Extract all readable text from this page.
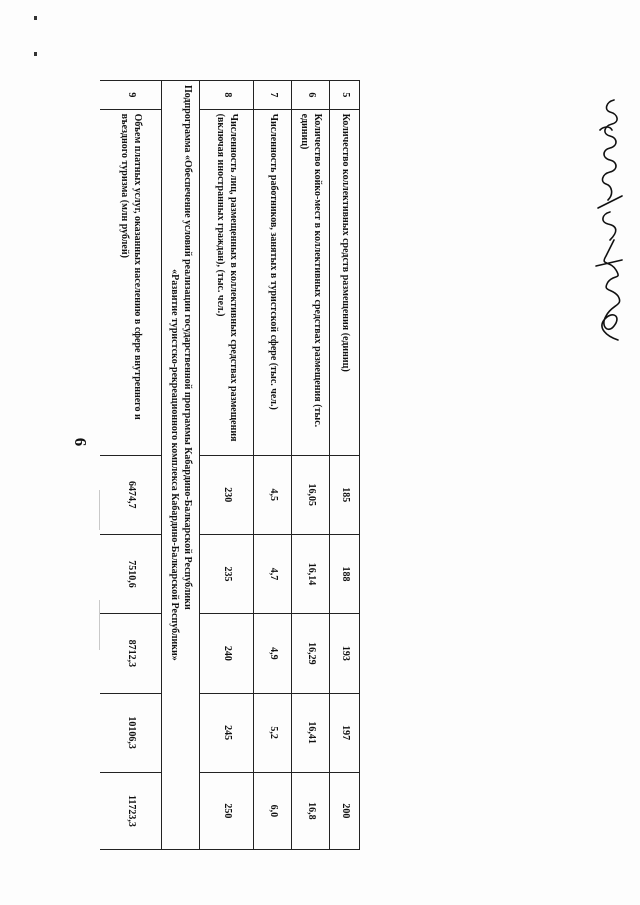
6
5	Количество коллективных средств размещения (единиц)	185	188	193	197	200
6	Количество койко-мест в коллективных средствах размещения (тыс. единиц)	16,05	16,14	16,29	16,41	16,8
7	Численность работников, занятых в туристской сфере (тыс. чел.)	4,5	4,7	4,9	5,2	6,0
8	Численность лиц, размещенных в коллективных средствах размещения (включая иностранных граждан), (тыс. чел.)	230	235	240	245	250
Подпрограмма «Обеспечение условий реализации государственной программы Кабардино-Балкарской Республики
«Развитие туристско-рекреационного комплекса Кабардино-Балкарской Республики»						

9	Объем платных услуг, оказанных населению в сфере внутреннего и въездного туризма (млн рублей)	6474,7	7510,6	8712,3	10106,3	11723,3
